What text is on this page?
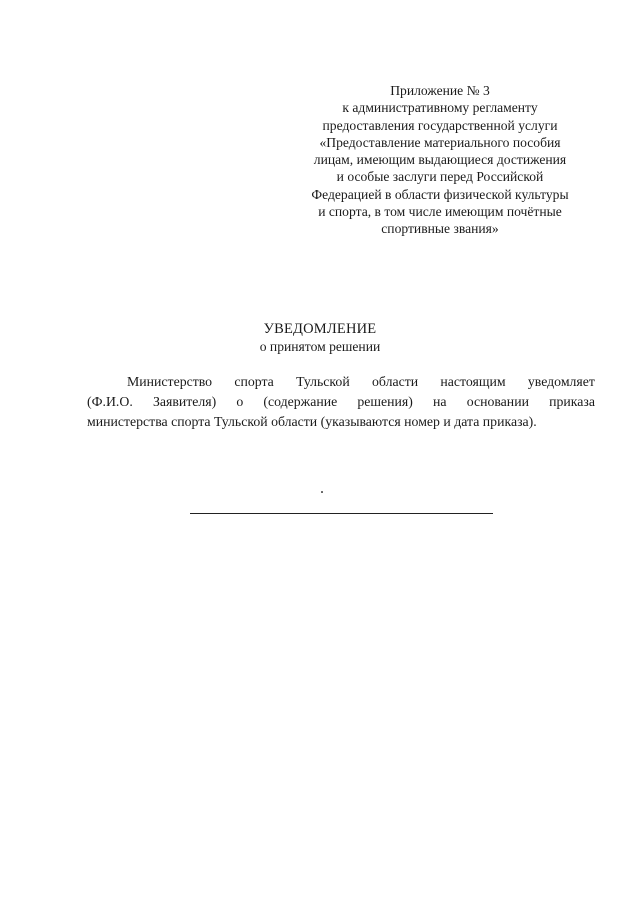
Приложение № 3
к административному регламенту
предоставления государственной услуги
«Предоставление материального пособия
лицам, имеющим выдающиеся достижения
и особые заслуги перед Российской
Федерацией в области физической культуры
и спорта, в том числе имеющим почётные
спортивные звания»
УВЕДОМЛЕНИЕ
о принятом решении
Министерство спорта Тульской области настоящим уведомляет
(Ф.И.О. Заявителя) о (содержание решения) на основании приказа
министерства спорта Тульской области (указываются номер и дата приказа).
